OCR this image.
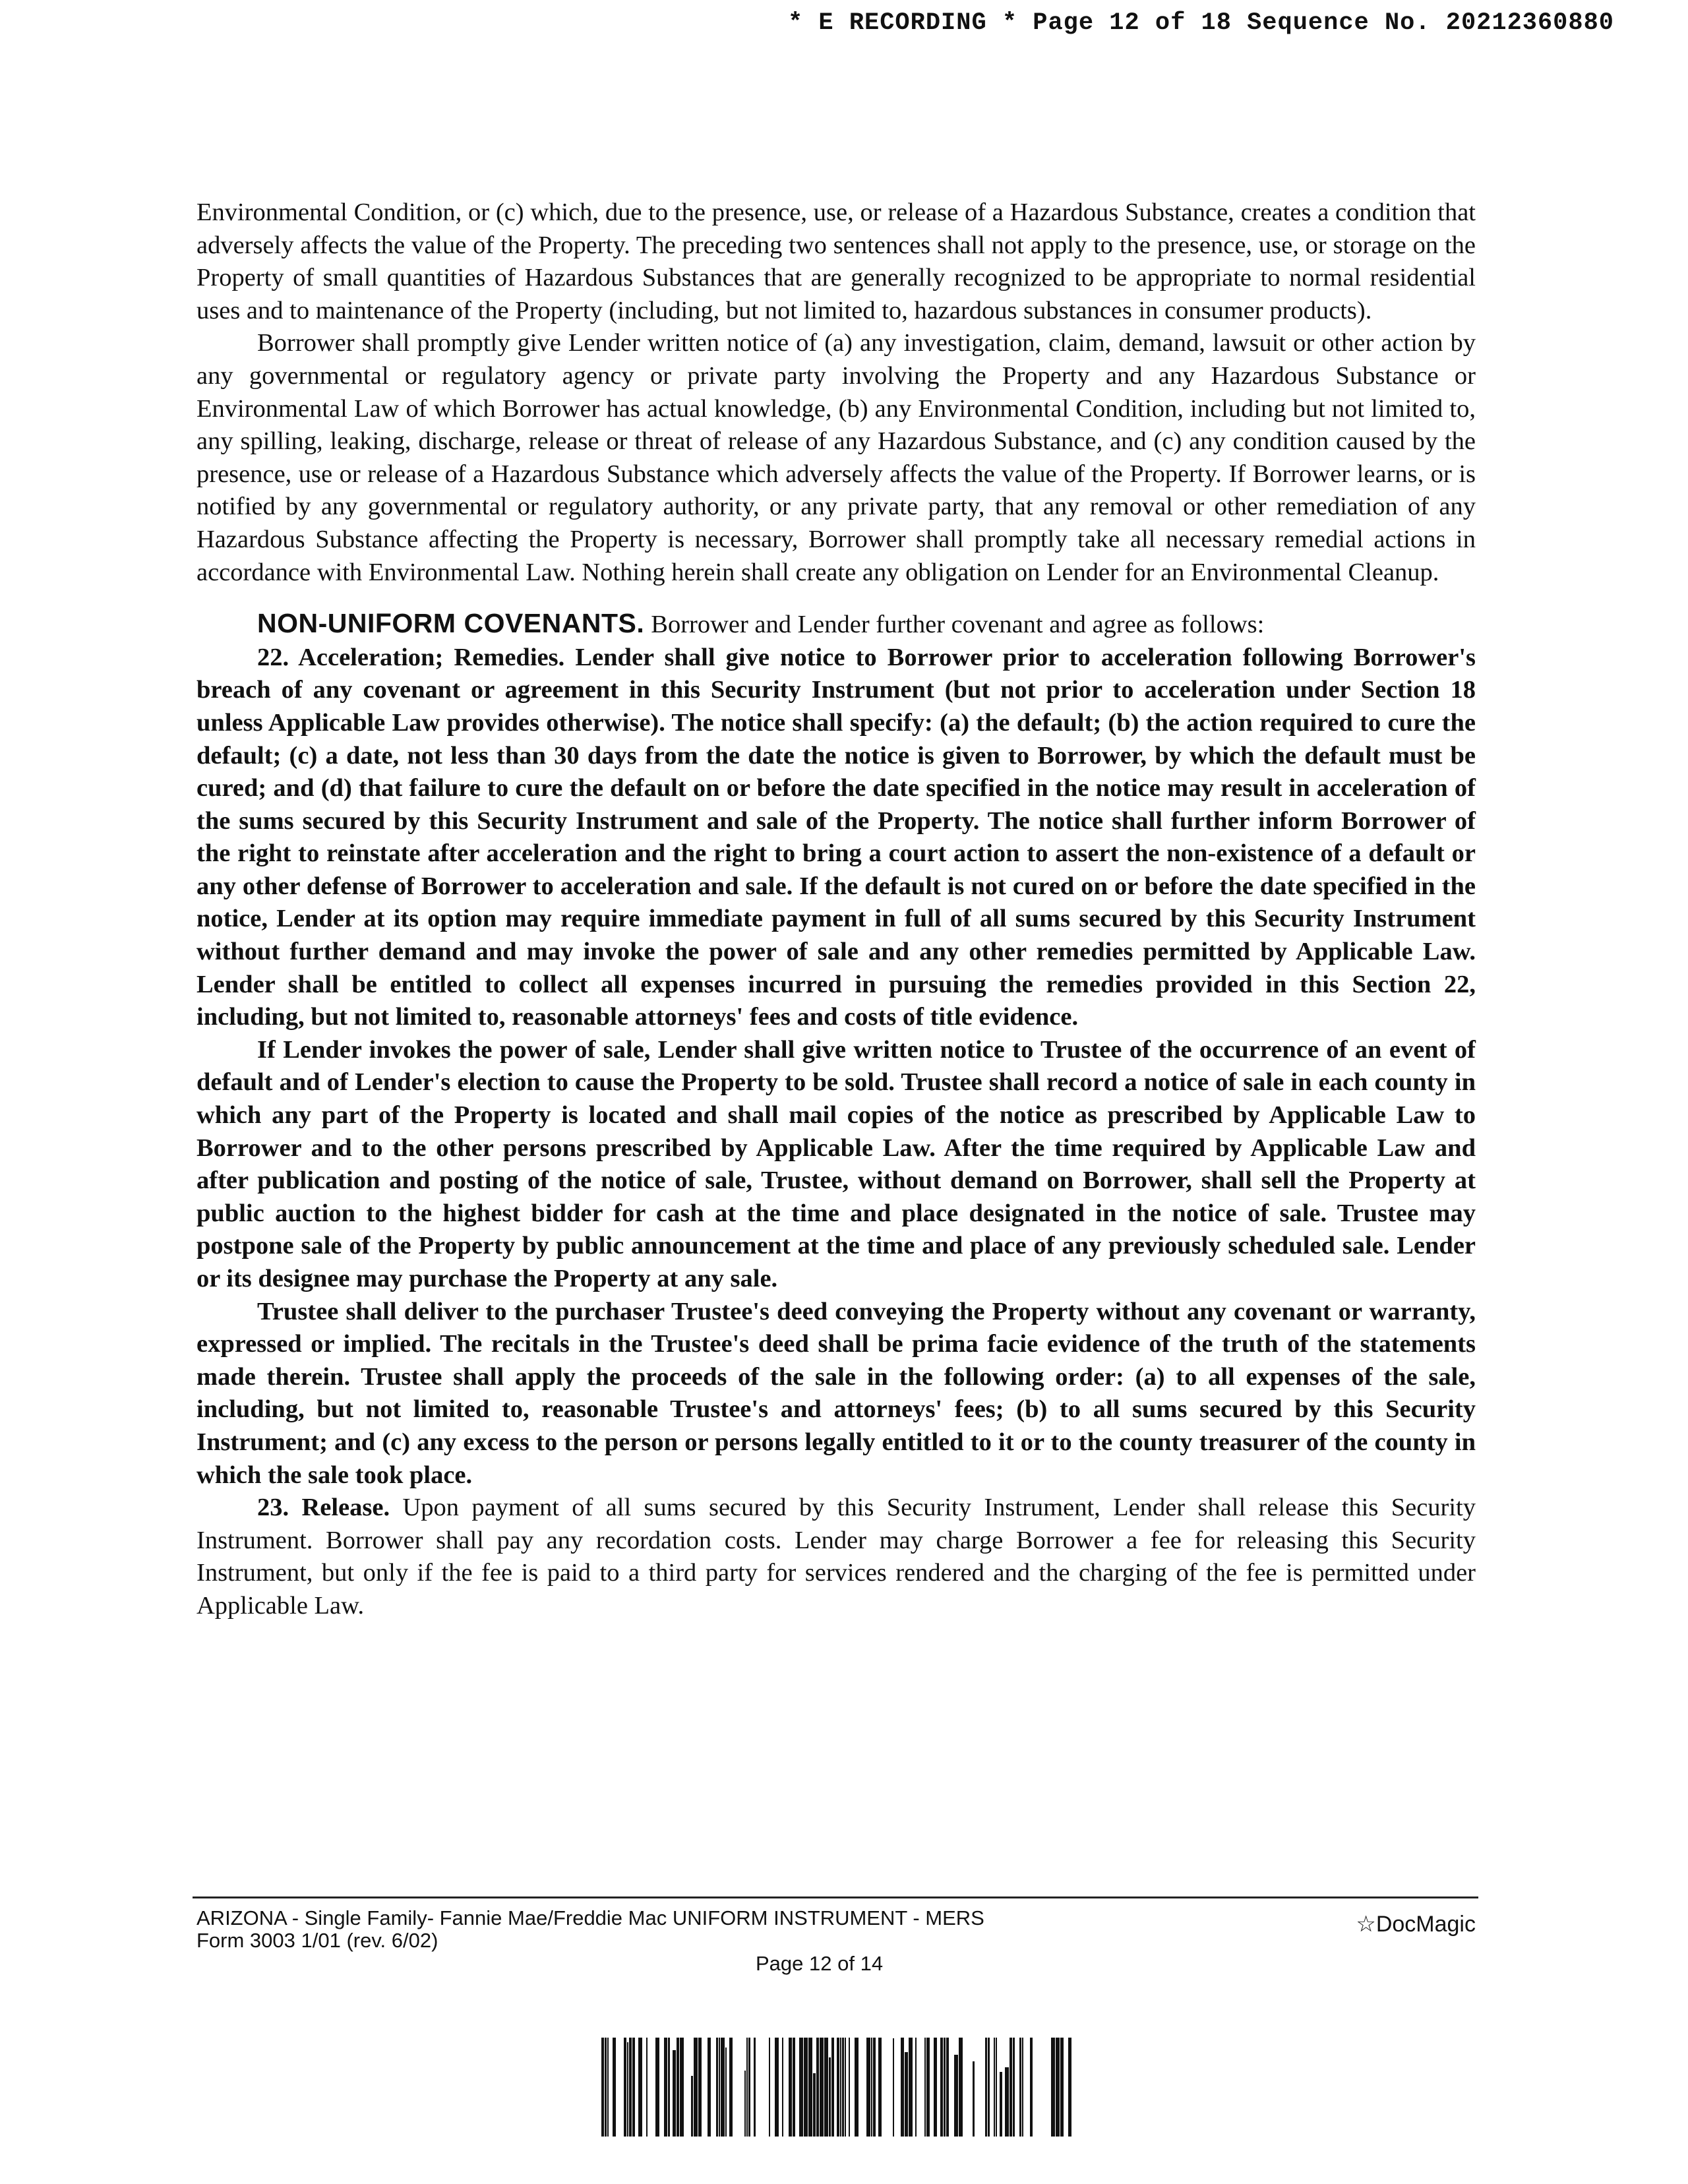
* E RECORDING * Page 12 of 18 Sequence No. 20212360880

Environmental Condition, or (c) which, due to the presence, use, or release of a Hazardous Substance, creates a condition that adversely affects the value of the Property. The preceding two sentences shall not apply to the presence, use, or storage on the Property of small quantities of Hazardous Substances that are generally recognized to be appropriate to normal residential uses and to maintenance of the Property (including, but not limited to, hazardous substances in consumer products).

Borrower shall promptly give Lender written notice of (a) any investigation, claim, demand, lawsuit or other action by any governmental or regulatory agency or private party involving the Property and any Hazardous Substance or Environmental Law of which Borrower has actual knowledge, (b) any Environmental Condition, including but not limited to, any spilling, leaking, discharge, release or threat of release of any Hazardous Substance, and (c) any condition caused by the presence, use or release of a Hazardous Substance which adversely affects the value of the Property. If Borrower learns, or is notified by any governmental or regulatory authority, or any private party, that any removal or other remediation of any Hazardous Substance affecting the Property is necessary, Borrower shall promptly take all necessary remedial actions in accordance with Environmental Law. Nothing herein shall create any obligation on Lender for an Environmental Cleanup.

NON-UNIFORM COVENANTS. Borrower and Lender further covenant and agree as follows:

22. Acceleration; Remedies. Lender shall give notice to Borrower prior to acceleration following Borrower's breach of any covenant or agreement in this Security Instrument (but not prior to acceleration under Section 18 unless Applicable Law provides otherwise). The notice shall specify: (a) the default; (b) the action required to cure the default; (c) a date, not less than 30 days from the date the notice is given to Borrower, by which the default must be cured; and (d) that failure to cure the default on or before the date specified in the notice may result in acceleration of the sums secured by this Security Instrument and sale of the Property. The notice shall further inform Borrower of the right to reinstate after acceleration and the right to bring a court action to assert the non-existence of a default or any other defense of Borrower to acceleration and sale. If the default is not cured on or before the date specified in the notice, Lender at its option may require immediate payment in full of all sums secured by this Security Instrument without further demand and may invoke the power of sale and any other remedies permitted by Applicable Law. Lender shall be entitled to collect all expenses incurred in pursuing the remedies provided in this Section 22, including, but not limited to, reasonable attorneys' fees and costs of title evidence.

If Lender invokes the power of sale, Lender shall give written notice to Trustee of the occurrence of an event of default and of Lender's election to cause the Property to be sold. Trustee shall record a notice of sale in each county in which any part of the Property is located and shall mail copies of the notice as prescribed by Applicable Law to Borrower and to the other persons prescribed by Applicable Law. After the time required by Applicable Law and after publication and posting of the notice of sale, Trustee, without demand on Borrower, shall sell the Property at public auction to the highest bidder for cash at the time and place designated in the notice of sale. Trustee may postpone sale of the Property by public announcement at the time and place of any previously scheduled sale. Lender or its designee may purchase the Property at any sale.

Trustee shall deliver to the purchaser Trustee's deed conveying the Property without any covenant or warranty, expressed or implied. The recitals in the Trustee's deed shall be prima facie evidence of the truth of the statements made therein. Trustee shall apply the proceeds of the sale in the following order: (a) to all expenses of the sale, including, but not limited to, reasonable Trustee's and attorneys' fees; (b) to all sums secured by this Security Instrument; and (c) any excess to the person or persons legally entitled to it or to the county treasurer of the county in which the sale took place.

23. Release. Upon payment of all sums secured by this Security Instrument, Lender shall release this Security Instrument. Borrower shall pay any recordation costs. Lender may charge Borrower a fee for releasing this Security Instrument, but only if the fee is paid to a third party for services rendered and the charging of the fee is permitted under Applicable Law.

ARIZONA - Single Family- Fannie Mae/Freddie Mac UNIFORM INSTRUMENT - MERS
Form 3003 1/01 (rev. 6/02)
☆DocMagic
Page 12 of 14
